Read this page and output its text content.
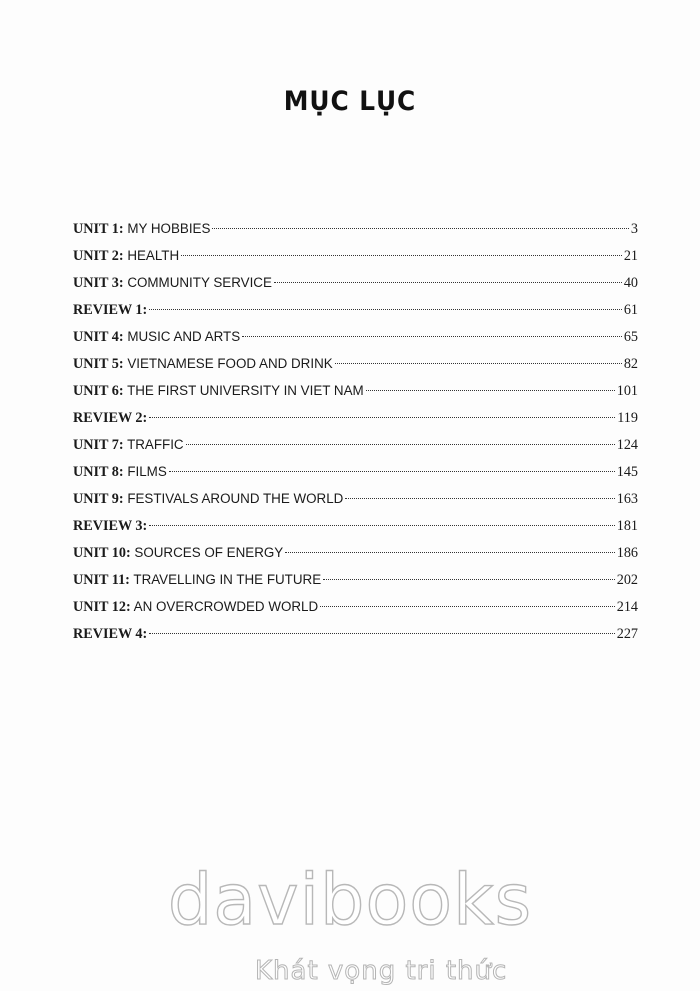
MỤC LỤC
UNIT 1: MY HOBBIES	3
UNIT 2: HEALTH	21
UNIT 3: COMMUNITY SERVICE	40
REVIEW 1:	61
UNIT 4: MUSIC AND ARTS	65
UNIT 5: VIETNAMESE FOOD AND DRINK	82
UNIT 6: THE FIRST UNIVERSITY IN VIET NAM	101
REVIEW 2:	119
UNIT 7: TRAFFIC	124
UNIT 8: FILMS	145
UNIT 9: FESTIVALS AROUND THE WORLD	163
REVIEW 3:	181
UNIT 10: SOURCES OF ENERGY	186
UNIT 11: TRAVELLING IN THE FUTURE	202
UNIT 12: AN OVERCROWDED WORLD	214
REVIEW 4:	227
davibooks
Khát vọng tri thức
